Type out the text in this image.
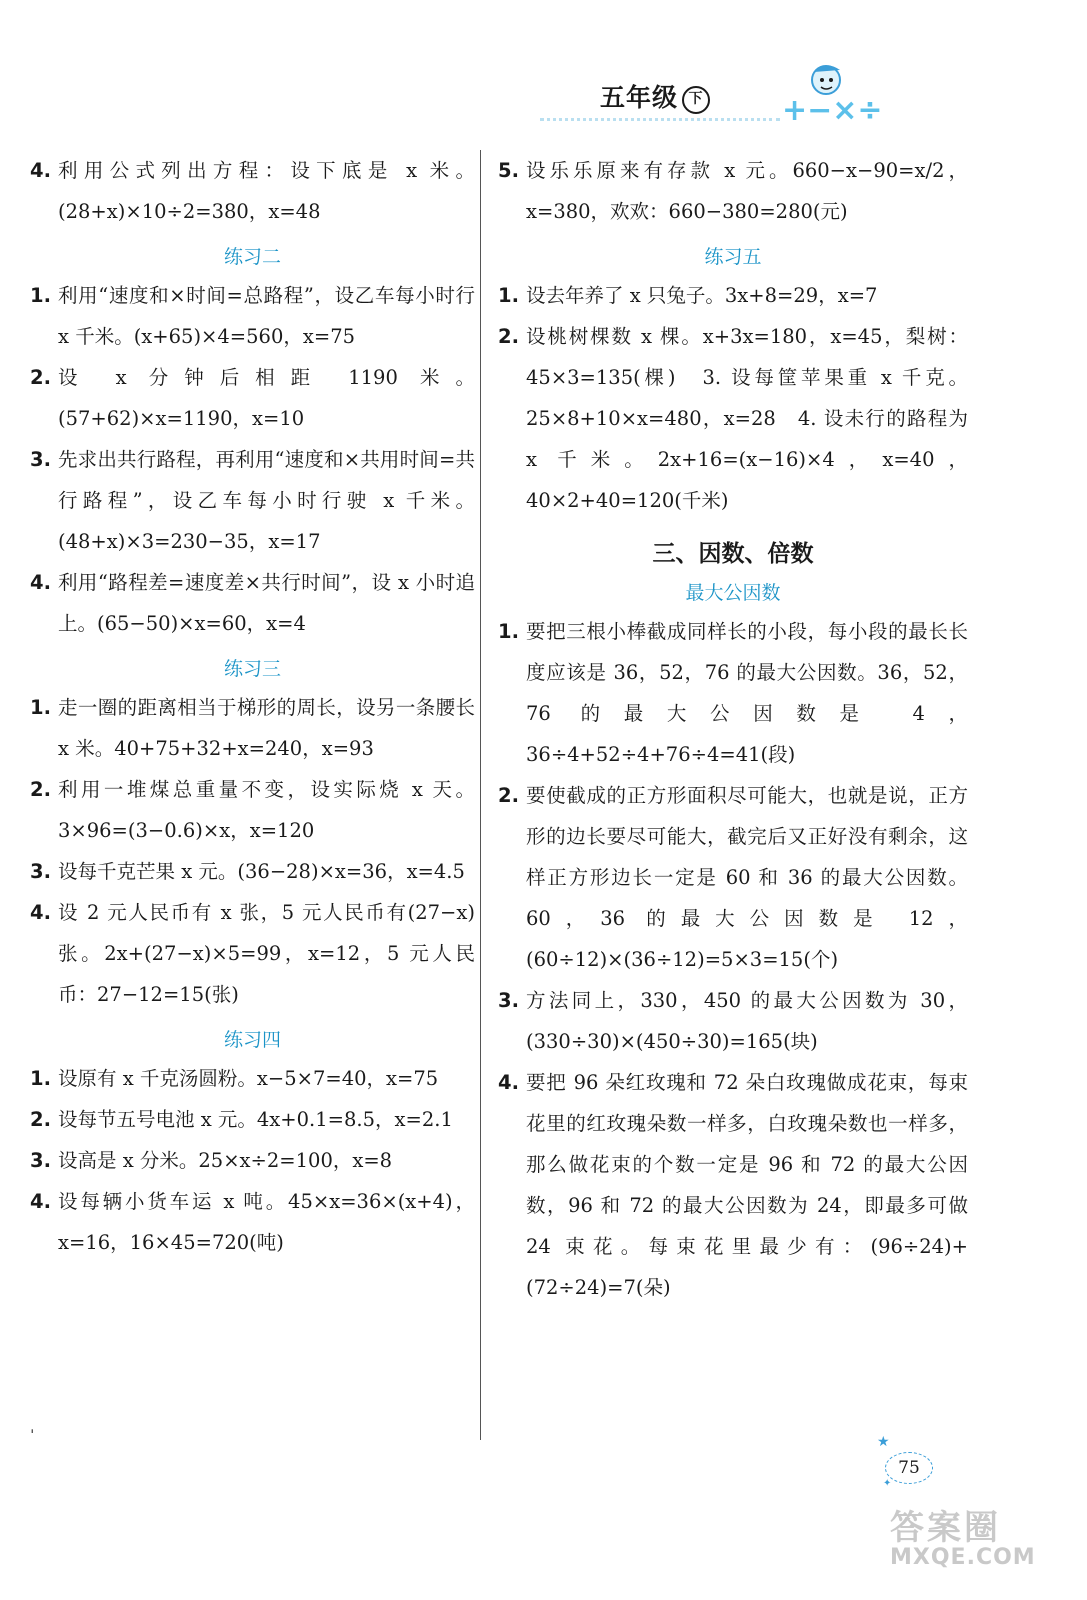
五年级 下	+−×÷
4. 利用公式列出方程：设下底是 x 米。(28+x)×10÷2=380，x=48
练习二
1. 利用“速度和×时间=总路程”，设乙车每小时行 x 千米。(x+65)×4=560，x=75
2. 设 x 分钟后相距 1190 米。(57+62)×x=1190，x=10
3. 先求出共行路程，再利用“速度和×共用时间=共行路程”，设乙车每小时行驶 x 千米。(48+x)×3=230−35，x=17
4. 利用“路程差=速度差×共行时间”，设 x 小时追上。(65−50)×x=60，x=4
练习三
1. 走一圈的距离相当于梯形的周长，设另一条腰长 x 米。40+75+32+x=240，x=93
2. 利用一堆煤总重量不变，设实际烧 x 天。3×96=(3−0.6)×x，x=120
3. 设每千克芒果 x 元。(36−28)×x=36，x=4.5
4. 设 2 元人民币有 x 张，5 元人民币有(27−x)张。2x+(27−x)×5=99，x=12，5 元人民币：27−12=15(张)
练习四
1. 设原有 x 千克汤圆粉。x−5×7=40，x=75
2. 设每节五号电池 x 元。4x+0.1=8.5，x=2.1
3. 设高是 x 分米。25×x÷2=100，x=8
4. 设每辆小货车运 x 吨。45×x=36×(x+4)，x=16，16×45=720(吨)
5. 设乐乐原来有存款 x 元。660−x−90=x/2，x=380，欢欢：660−380=280(元)
练习五
1. 设去年养了 x 只兔子。3x+8=29，x=7
2. 设桃树棵数 x 棵。x+3x=180，x=45，梨树：45×3=135(棵)　3. 设每筐苹果重 x 千克。25×8+10×x=480，x=28　4. 设未行的路程为 x 千米。2x+16=(x−16)×4，x=40，40×2+40=120(千米)
三、因数、倍数
最大公因数
1. 要把三根小棒截成同样长的小段，每小段的最长长度应该是 36，52，76 的最大公因数。36，52，76 的最大公因数是 4，36÷4+52÷4+76÷4=41(段)
2. 要使截成的正方形面积尽可能大，也就是说，正方形的边长要尽可能大，截完后又正好没有剩余，这样正方形边长一定是 60 和 36 的最大公因数。60，36 的最大公因数是 12，(60÷12)×(36÷12)=5×3=15(个)
3. 方法同上，330，450 的最大公因数为 30，(330÷30)×(450÷30)=165(块)
4. 要把 96 朵红玫瑰和 72 朵白玫瑰做成花束，每束花里的红玫瑰朵数一样多，白玫瑰朵数也一样多，那么做花束的个数一定是 96 和 72 的最大公因数，96 和 72 的最大公因数为 24，即最多可做 24 束花。每束花里最少有：(96÷24)+(72÷24)=7(朵)
ˌ
★
✦
75
答案圈
MXQE.COM
